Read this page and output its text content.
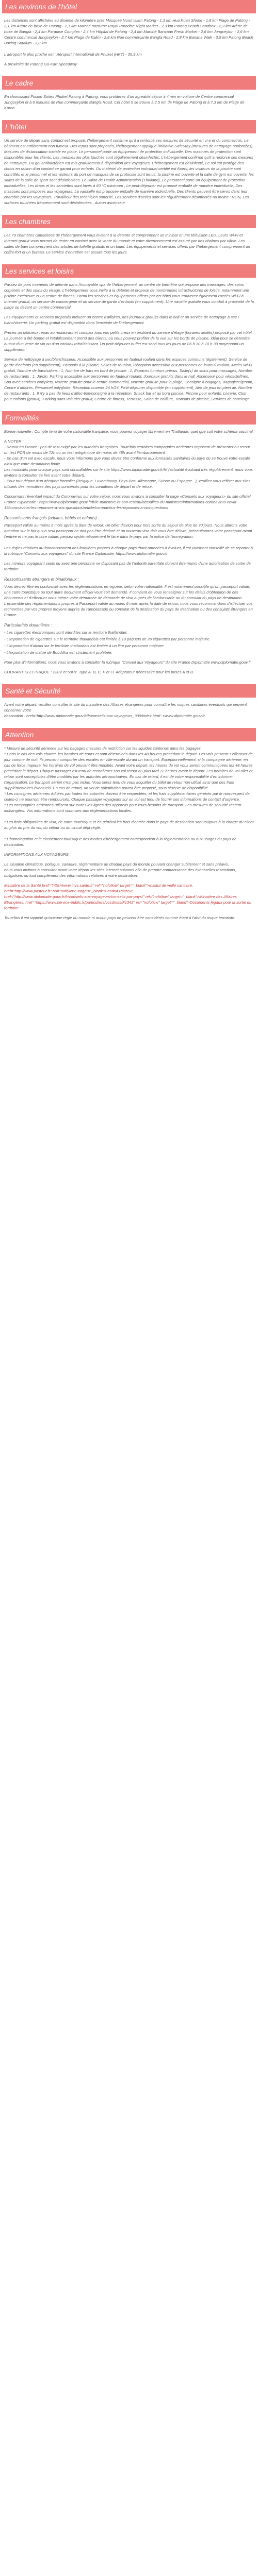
Les environs de l'hôtel

Les distances sont affichées au dixième de kilomètre près.Mosquée Nurul Islam Patong - 1,3 km Hua Kuan Shrine - 1,8 km Plage de Patong - 2,1 km Arène de boxe de Patong - 2,1 km Marché nocturne Royal Paradise Night Market - 2,3 km Patong Beach Sandbox - 2,3 km Arène de boxe de Bangla - 2,4 km Paradise Complex - 2,4 km Hôpital de Patong - 2,4 km Marché Banzaan Fresh Market - 2,6 km Jungceylon - 2,6 km Centre commercial Jungceylon - 2,7 km Plage de Kalim - 2,8 km Rue commerçante Bangla Road - 2,8 km Banana Walk - 3,5 km Patong Beach Boxing Stadium - 3,8 km

L'aéroport le plus proche est : Aéroport international de Phuket (HKT) - 35,9 km

À proximité de Patong Go-Kart Speedway

Le cadre

En choisissant Fusion Suites Phuket Patong à Patong, vous profiterez d'un agréable séjour à 4 min en voiture de Centre commercial Jungceylon et à 6 minutes de Rue commerçante Bangla Road. Cet hôtel 5 se trouve à 2,5 km de Plage de Patong et à 7,3 km de Plage de Karon.

L'hôtel

Un service de départ sans contact est proposé, l'hébergement confirme qu'il a renforcé ses mesures de sécurité en vi e et du coronavirus. Le bâtiment est entièrement non fumeur. Des repas sont proposés, l'hébergement applique l'initiative SafeStay (mesures de nettoyage renforcées). Mesures de distanciation sociale en place, Le personnel porte un équipement de protection individuelle, Des masques de protection sont disponibles pour les clients, Les meubles les plus touchés sont régulièrement désinfectés, L'hébergement confirme qu'il a renforcé ses mesures de nettoyage, Du gel antibactérien est mis gratuitement à disposition des voyageurs, L'hébergement est désinfecté, Le sol est protégé des chocs en raison d'un contact ce garant pour enfants. Du matériel de protection individuel certifié est fourni, les visiteurs de la piscine sont contrôlés et le personnel et les visiteurs du port de masques de ce protocole sont tenus, la piscine est ouverte et la salle de gym est ouverte, les salles de la salle de sport sont désinfectées. Le Salon de Health Administration (Thailand), Le personnel porte un équipement de protection individuelles, Les draps et les serviettes sont lavés à 60 °C minimum , Le petit-déjeuner est proposé emballé de manière individuelle, Des masques sont proposés aux voyageurs, La vaisselle est proposée emballé de manière individuelle, Des clients peuvent être servis dans leur chambre par les voyageurs, Travailleur des technicien sonorité, Les services d'accès sont les régulièrement désinfectés au moins : NON, Les surfaces touchées fréquemment sont désinfectées., Aucun ascenseur

Les chambres

Les 79 chambres climatisées de l'hébergement vous invitent à la détente et comprennent un minibar et une télévision LED. Leurs Wi-Fi et Internet gratuit vous permet de rester en contact avec la vente du monde et votre divertissement est assuré par des chaînes par câble. Les salles de bain comprennent des articles de toilette gratuits et un bidet. Les équipements et services offerts par l'hébergement comprennent un coffre-fort et un bureau. Le service d'entretien est assuré tous les jours.

Les services et loisirs

Passez de purs moments de détente dans l'incroyable spa de l'hébergement, un centre de bien-être qui propose des massages, des soins corporels et des soins du visage. L'hébergement vous invite à la détente et propose de nombreuses infrastructures de loisirs, notamment une piscine extérieure et un centre de fitness. Parmi les services et équipements offerts par cet hôtel vous trouverez également l'accès Wi-Fi à Internet gratuit, un service de conciergerie et un service de garde d'enfants (en supplément). Une navette gratuite vous conduit à proximité de la plage ou devant un centre commercial.

Les équipements et services proposés incluent un centre d'affaires, des journaux gratuits dans le hall et un service de nettoyage à sec / blanchisserie. Un parking gratuit est disponible dans l'enceinte de l'hébergement.

Prenez un délicieux repas au restaurant et combiez tous vos petits creux en profitant du service d'étage (horaires limités) proposé par cet hôtel. La journée a été bonne et l'établissement prend des clients, où vous pouvez profiter de la vue sur les bords de piscine, idéal pour se détendre autour d'un verre de vin ou d'un cocktail rafraîchissant. Un petit-déjeuner buffet est servi tous les jours de 06 h 30 à 10 h 30 moyennant un supplément.

Service de nettoyage à sec/blanchisserie, Accessible aux personnes en fauteuil roulant dans les espaces communs (également), Service de garde d'enfants (en supplément), Parasols à la piscine, Salles de réunion, Réception accessible aux personnes en fauteuil roulant, Accès Wi-Fi gratuit, Nombre de bars/salons : 1, Nombre de bars en bord de piscine : 1, Espaces fumeurs prévus, Salle(s) de soins pour massages, Nombre de restaurants : 1, Jardin, Parking accessible aux personnes en fauteuil roulant, Journaux gratuits dans le hall, Ascenseur pour vélos/Jeffries, Spa avec services complets, Navette gratuite pour le centre commercial, Navette gratuite pour la plage, Consigne à bagages, Bagagiste/groom, Centre d'affaires, Personnel polyglotte, Réception ouverte 24 h/24, Petit-déjeuner disponible (en supplément), Aire de jeux en plein air, Nombre de restaurants : 1, Il n'y a pas de lieux d'affec-tion/consigne à la réception, Snack bar et au bord piscine, Piscine pour enfants, Livrerie, Club pour enfants (gratuit), Parking sans voiturier gratuit, Centre de fitness, Terrasse, Salon de coiffure, Transats de piscine, Services de concierge

Formalités

Bonne nouvelle ; Compte tenu de votre nationalité française, vous pouvez voyager librement en Thaïlande, quel que soit votre schéma vaccinal.

A NOTER :
- Retour en France : pas de test exigé par les autorités françaises. Toutefois certaines compagnies aériennes imposent de présenter au retour un test PCR de moins de 72h ou un test antigénique de moins de 48h avant l'embarquement.
- En cas d'un vol avec escale, nous vous informons que vous devez être conforme aux formalités sanitaires du pays où se trouve votre escale ainsi que votre destination finale.
Les modalités pour chaque pays sont consultables sur le site https://www.diplomatie.gouv.fr/fr/ (actualité évoluant très régulièrement, nous vous invitons à consulter ce lien avant votre départ).
- Pour tout départ d'un aéroport frontalier (Belgique, Luxembourg, Pays-Bas, Allemagne, Suisse ou Espagne...), veuillez vous référer aux sites officiels des ministères des pays concernés pour les conditions de départ et de retour.

Concernant l'éventuel impact du Coronavirus sur votre séjour, nous vous invitons à consulter la page «Conseils aux voyageurs» du site officiel France Diplomatie : https://www.diplomatie.gouv.fr/fr/le-ministere-et-son-reseau/actualites-du-ministere/informations-coronavirus-covid-19/coronavirus-les-reponses-a-vos-questions/article/coronavirus-les-reponses-a-vos-questions

Ressortissants français (adultes, bébés et enfants) :

Passeport valide au moins 6 mois après la date de retour. Un billet d'avion pour trois sortie du séjour de plus de 30 jours. Nous attirons votre attention sur le fait qu'un seul passeport ne doit pas être déclaré et un nouveau visa doit vous être délivré, précautionnez votre passeport avant l'entrée et ne pas le faire valide, pensez systématiquement le faire dans le pays par la police de l'immigration.

Les règles relatives au franchissement des frontières propres à chaque pays étant amenées à évoluer, il est vivement conseillé de se reporter à la rubrique "Conseils aux voyageurs" du site France Diplomatie, https://www.diplomatie.gouv.fr

Les mineurs voyageant seuls ou avec une personne ne disposant pas de l'autorité parentale doivent être munis d'une autorisation de sortie de territoire.

Ressortissants étrangers et binationaux :

Vous devrez être en conformité avec les réglementations en vigueur, selon votre nationalité. Il est notamment possible qu'un passeport valide, une carte touristique ou tout autre document officiel vous soit demandé. Il convient de vous renseigner sur les délais d'obtention de ces documents et d'effectuer vous-même votre démarche de demande de visa auprès de l'ambassade ou du consulat du pays de destination.
L'ensemble des réglementations propres à Passeport valide au moins 6 mois après la date de retour, nous vous recommandons d'effectuer vos recherches par vos propres moyens auprès de l'ambassade ou consulat de la destination du pays de destination ou des consulats étrangers en France.

Particularités douanières :
- Les cigarettes électroniques sont interdites sur le territoire thaïlandais
- L'importation de cigarettes sur le territoire thaïlandais est limitée à 10 paquets de 20 cigarettes par personne majeure.
- L'importation d'alcool sur le territoire thaïlandais est limitée à un litre par personne majeure.
- L'exportation de statue de Bouddha est strictement prohibée.

Pour plus d'informations, nous vous invitons à consulter la rubrique "Conseil aux Voyageurs" du site France Diplomatie www.diplomatie.gouv.fr

COURANT ÉLECTRIQUE : 220V et 50Hz. Type A, B, C, F et O. Adaptateur nécessaire pour les prises A et B.

Santé et Sécurité

Avant votre départ, veuillez consulter le site du ministère des Affaires étrangères pour connaître les risques sanitaires éventuels qui peuvent concerner votre
destination : href="http://www.diplomatie.gouv.fr/fr/conseils-aux-voyageurs_909/index.html" >www.diplomatie.gouv.fr

Attention

* Mesure de sécurité aérienne sur les bagages mesures de restriction sur les liquides contenus dans les bagages
* Dans le cas des vols charter, les horaires de cours et sont déterminés dans les 48 heures précédant le départ. Les vols peuvent s'effectuer de jour comme de nuit. Ils peuvent comporter des escales en ville-escale durant un transport. Exceptionnellement, si la compagnie aérienne, en cas de force majeure, les horaires de vol peuvent être modifiés. Avant votre départ, les heures de vol vous seront communiquées les 48 heures précédant le départ. Chaque passager est tenu de reconfirmer son vol retour au plus tard 72 heures avant le départ. Les horaires de vol aller et retour sont susceptibles d'être modifiés par les autorités aéroportuaires. En cas de retard, il est de votre responsabilité d'en informer l'organisation. Le transport aérien n'est pas inclus. Vous serez tenu de vous acquitter du billet de retour non utilisé ainsi que des frais supplémentaires éventuels. En cas de retard, un vol de substitution pourra être proposé, sous réserve de disponibilité.
* Les consignes aériennes éditées par toutes les autorités doivent être respectées, et les frais supplémentaires générés par le non-respect de celles-ci ne pourront être remboursés. Chaque passager voyageant sur un vol est tenu de fournir ses informations de contact d'urgence.
* Les compagnies aériennes utilisent sur toutes les lignes des appareils pour leurs besoins de transport. Les mesures de sécurité restent inchangées. Vos informations sont soumises aux réglementations locales.

* Les frais obligatoires de visa, de carte touristique et en général les frais d'entrée dans le pays de destination sont toujours à la charge du client au plus du prix du vol, du séjour ou du circuit déjà réglé.

* L'homologation et le classement touristique des modes d'hébergement correspondent à la réglementation ou aux usages du pays de destination.

INFORMATIONS AUX VOYAGEURS :

La situation climatique, politique, sanitaire, réglementaire de chaque pays du monde pouvant changer subitement et sans préavis,
nous vous invitons à consulter avant votre départ les sites internet suivants afin de prendre connaissance des éventuelles restrictions, obligations ou tout complément des informations relatives à votre destination.

Ministère de la Santé href="http://www.invs.sante.fr" rel="nofollow" target="_blank">Institut de veille sanitaire,
href="http://www.pasteur.fr" rel="nofollow" target="_blank">Institut Pasteur,
href="http://www.diplomatie.gouv.fr/fr/conseils-aux-voyageurs/conseils-par-pays/" rel="nofollow" target="_blank">Ministère des Affaires Étrangères, href="https://www.service-public.fr/particuliers/vosdroits/F1342" rel="nofollow" target="_blank">Documents légaux pour la sortie du territoire.

Toutefois il est rappelé qu'aucune règle du monde ni aucun pays ne peuvent être considérés comme étant à l'abri du risque terroriste.
